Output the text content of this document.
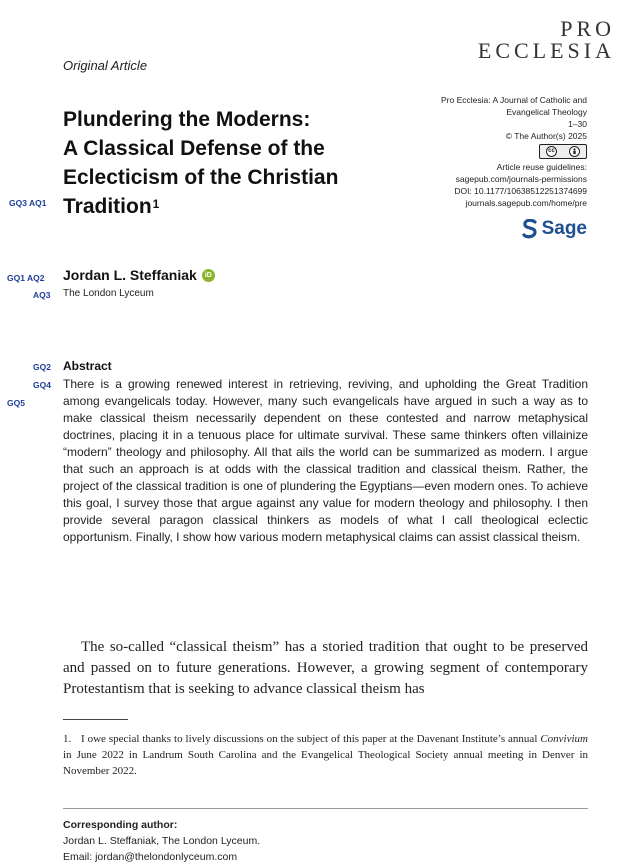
PRO
ECCLESIA
Original Article
Plundering the Moderns:
A Classical Defense of the
Eclecticism of the Christian
Tradition$^1$
GQ3 AQ1
Pro Ecclesia: A Journal of Catholic and
Evangelical Theology
1–30
© The Author(s) 2025
cc
Article reuse guidelines:
sagepub.com/journals-permissions
DOI: 10.1177/10638512251374699
journals.sagepub.com/home/pre
Sage
GQ1 AQ2 Jordan L. Steffaniak	iD
AQ3 The London Lyceum
GQ2 Abstract
GQ4
GQ5
There is a growing renewed interest in retrieving, reviving, and upholding the Great Tradition among evangelicals today. However, many such evangelicals have argued in such a way as to make classical theism necessarily dependent on these contested and narrow metaphysical doctrines, placing it in a tenuous place for ultimate survival. These same thinkers often villainize “modern” theology and philosophy. All that ails the world can be summarized as modern. I argue that such an approach is at odds with the classical tradition and classical theism. Rather, the project of the classical tradition is one of plundering the Egyptians—even modern ones. To achieve this goal, I survey those that argue against any value for modern theology and philosophy. I then provide several paragon classical thinkers as models of what I call theological eclectic opportunism. Finally, I show how various modern metaphysical claims can assist classical theism.
The so-called “classical theism” has a storied tradition that ought to be preserved and passed on to future generations. However, a growing segment of contemporary Protestantism that is seeking to advance classical theism has
1. I owe special thanks to lively discussions on the subject of this paper at the Davenant Institute’s annual Convivium in June 2022 in Landrum South Carolina and the Evangelical Theological Society annual meeting in Denver in November 2022.
Corresponding author:
Jordan L. Steffaniak, The London Lyceum.
Email: jordan@thelondonlyceum.com
